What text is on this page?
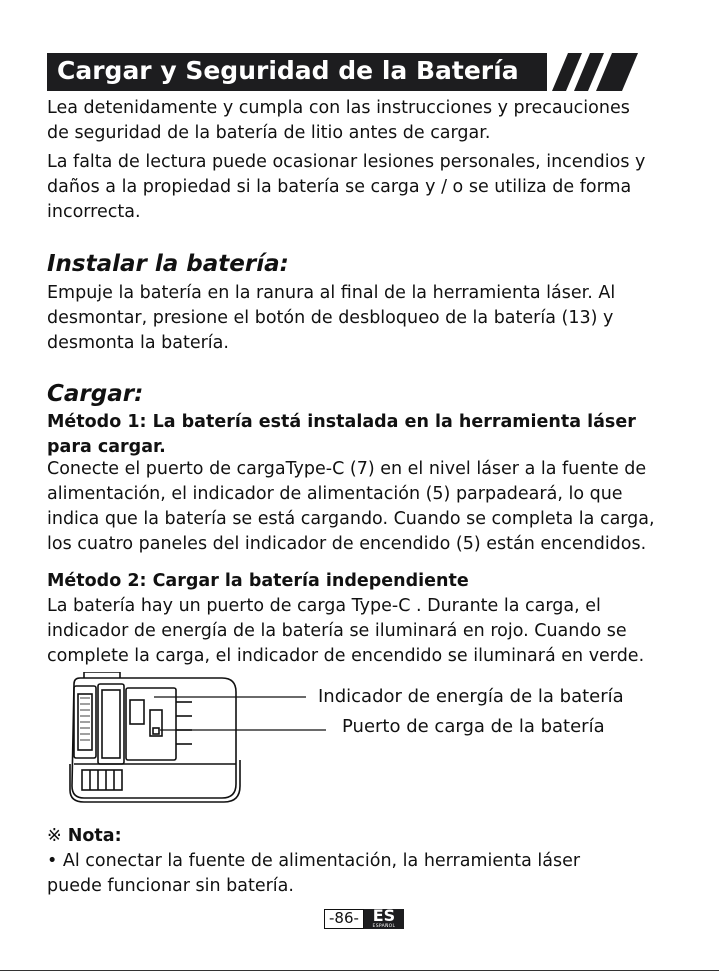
Cargar y Seguridad de la Batería

Lea detenidamente y cumpla con las instrucciones y precauciones de seguridad de la batería de litio antes de cargar.

La falta de lectura puede ocasionar lesiones personales, incendios y daños a la propiedad si la batería se carga y / o se utiliza de forma incorrecta.

Instalar la batería:

Empuje la batería en la ranura al final de la herramienta láser. Al desmontar, presione el botón de desbloqueo de la batería (13) y desmonta la batería.

Cargar:

Método 1: La batería está instalada en la herramienta láser para cargar.

Conecte el puerto de cargaType-C (7) en el nivel láser a la fuente de alimentación, el indicador de alimentación (5) parpadeará, lo que indica que la batería se está cargando. Cuando se completa la carga, los cuatro paneles del indicador de encendido (5) están encendidos.

Método 2: Cargar la batería independiente

La batería hay un puerto de carga Type-C . Durante la carga, el indicador de energía de la batería se iluminará en rojo. Cuando se complete la carga, el indicador de encendido se iluminará en verde.

Indicador de energía de la batería
Puerto de carga de la batería

※ Nota:

• Al conectar la fuente de alimentación, la herramienta láser puede funcionar sin batería.

-86- ES
ESPAÑOL
